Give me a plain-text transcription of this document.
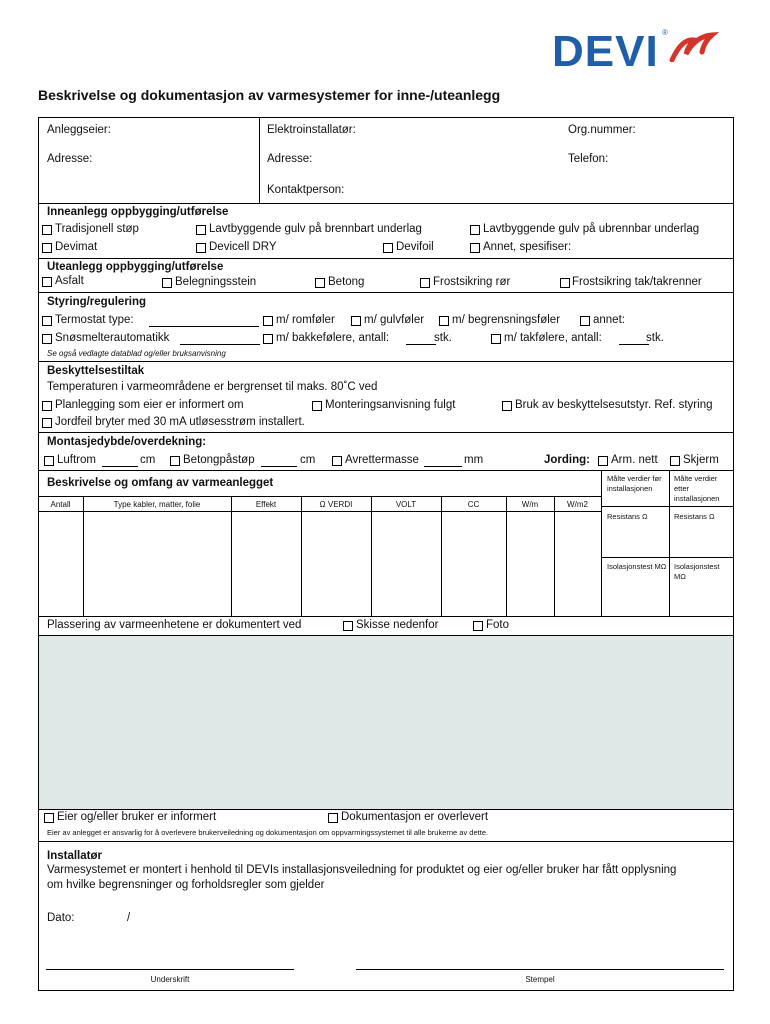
DEVI ®
Beskrivelse og dokumentasjon av varmesystemer for inne-/uteanlegg
Anleggseier:	Elektroinstallatør:	Org.nummer:
Adresse:	Adresse:	Telefon:
Kontaktperson:
Inneanlegg oppbygging/utførelse
Tradisjonell støp	Lavtbyggende gulv på brennbart underlag	Lavtbyggende gulv på ubrennbar underlag
Devimat	Devicell DRY	Devifoil	Annet, spesifiser:
Uteanlegg oppbygging/utførelse
Asfalt	Belegningsstein	Betong	Frostsikring rør	Frostsikring tak/takrenner
Styring/regulering
Termostat type:	m/ romføler	m/ gulvføler m/ begrensningsføler	annet:
Snøsmelterautomatikk	m/ bakkefølere, antall:	stk.	m/ takfølere, antall:	stk.
Se også vedlagte datablad og/eller bruksanvisning
Beskyttelsestiltak
Temperaturen i varmeområdene er bergrenset til maks. 80˚C ved
Planlegging som eier er informert om	Monteringsanvisning fulgt	Bruk av beskyttelsesutstyr. Ref. styring
Jordfeil bryter med 30 mA utløsesstrøm installert.
Montasjedybde/overdekning:
Luftrom	cm Betongpåstøp	cm	Avrettermasse	mm	Jording: Arm. nett Skjerm
Beskrivelse og omfang av varmeanlegget	Målte verdier før installasjonen
Målte verdier etter installasjonen
Resistans Ω	Resistans Ω
Isolasjonstest MΩ Isolasjonstest MΩ
Antall	Type kabler, matter, folie	Effekt	Ω VERDI	VOLT	CC	W/m	W/m2
Plassering av varmeenhetene er dokumentert ved	Skisse nedenfor	Foto
Eier og/eller bruker er informert	Dokumentasjon er overlevert
Eier av anlegget er ansvarlig for å overlevere brukerveiledning og dokumentasjon om oppvarmingssystemet til alle brukerne av dette.
Installatør
Varmesystemet er montert i henhold til DEVIs installasjonsveiledning for produktet og eier og/eller bruker har fått opplysning
om hvilke begrensninger og forholdsregler som gjelder
Dato:	/
Underskrift	Stempel
